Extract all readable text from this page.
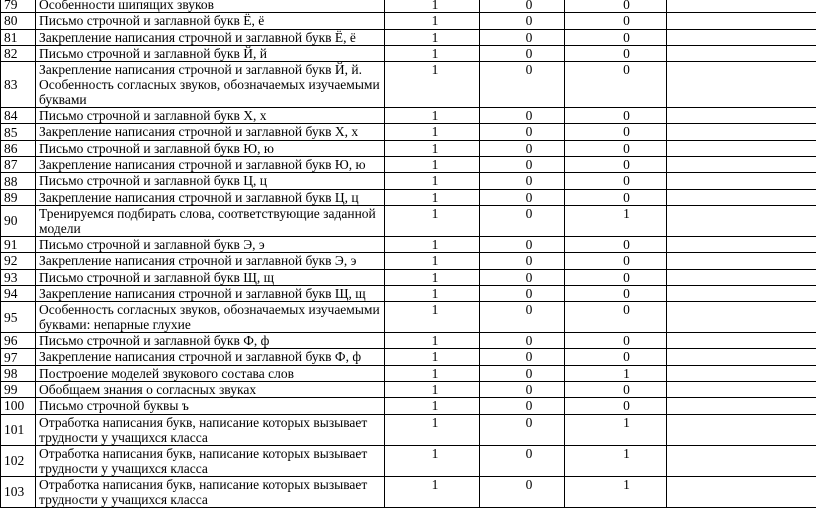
79	Особенности шипящих звуков	1	0	0	
80	Письмо строчной и заглавной букв Ё, ё	1	0	0	
81	Закрепление написания строчной и заглавной букв Ё, ё	1	0	0	
82	Письмо строчной и заглавной букв Й, й	1	0	0	
83	Закрепление написания строчной и заглавной букв Й, й. Особенность согласных звуков, обозначаемых изучаемыми буквами	1	0	0	
84	Письмо строчной и заглавной букв Х, х	1	0	0	
85	Закрепление написания строчной и заглавной букв Х, х	1	0	0	
86	Письмо строчной и заглавной букв Ю, ю	1	0	0	
87	Закрепление написания строчной и заглавной букв Ю, ю	1	0	0	
88	Письмо строчной и заглавной букв Ц, ц	1	0	0	
89	Закрепление написания строчной и заглавной букв Ц, ц	1	0	0	
90	Тренируемся подбирать слова, соответствующие заданной модели	1	0	1	
91	Письмо строчной и заглавной букв Э, э	1	0	0	
92	Закрепление написания строчной и заглавной букв Э, э	1	0	0	
93	Письмо строчной и заглавной букв Щ, щ	1	0	0	
94	Закрепление написания строчной и заглавной букв Щ, щ	1	0	0	
95	Особенность согласных звуков, обозначаемых изучаемыми буквами: непарные глухие	1	0	0	
96	Письмо строчной и заглавной букв Ф, ф	1	0	0	
97	Закрепление написания строчной и заглавной букв Ф, ф	1	0	0	
98	Построение моделей звукового состава слов	1	0	1	
99	Обобщаем знания о согласных звуках	1	0	0	
100	Письмо строчной буквы ъ	1	0	0	
101	Отработка написания букв, написание которых вызывает трудности у учащихся класса	1	0	1	
102	Отработка написания букв, написание которых вызывает трудности у учащихся класса	1	0	1	
103	Отработка написания букв, написание которых вызывает трудности у учащихся класса	1	0	1	
